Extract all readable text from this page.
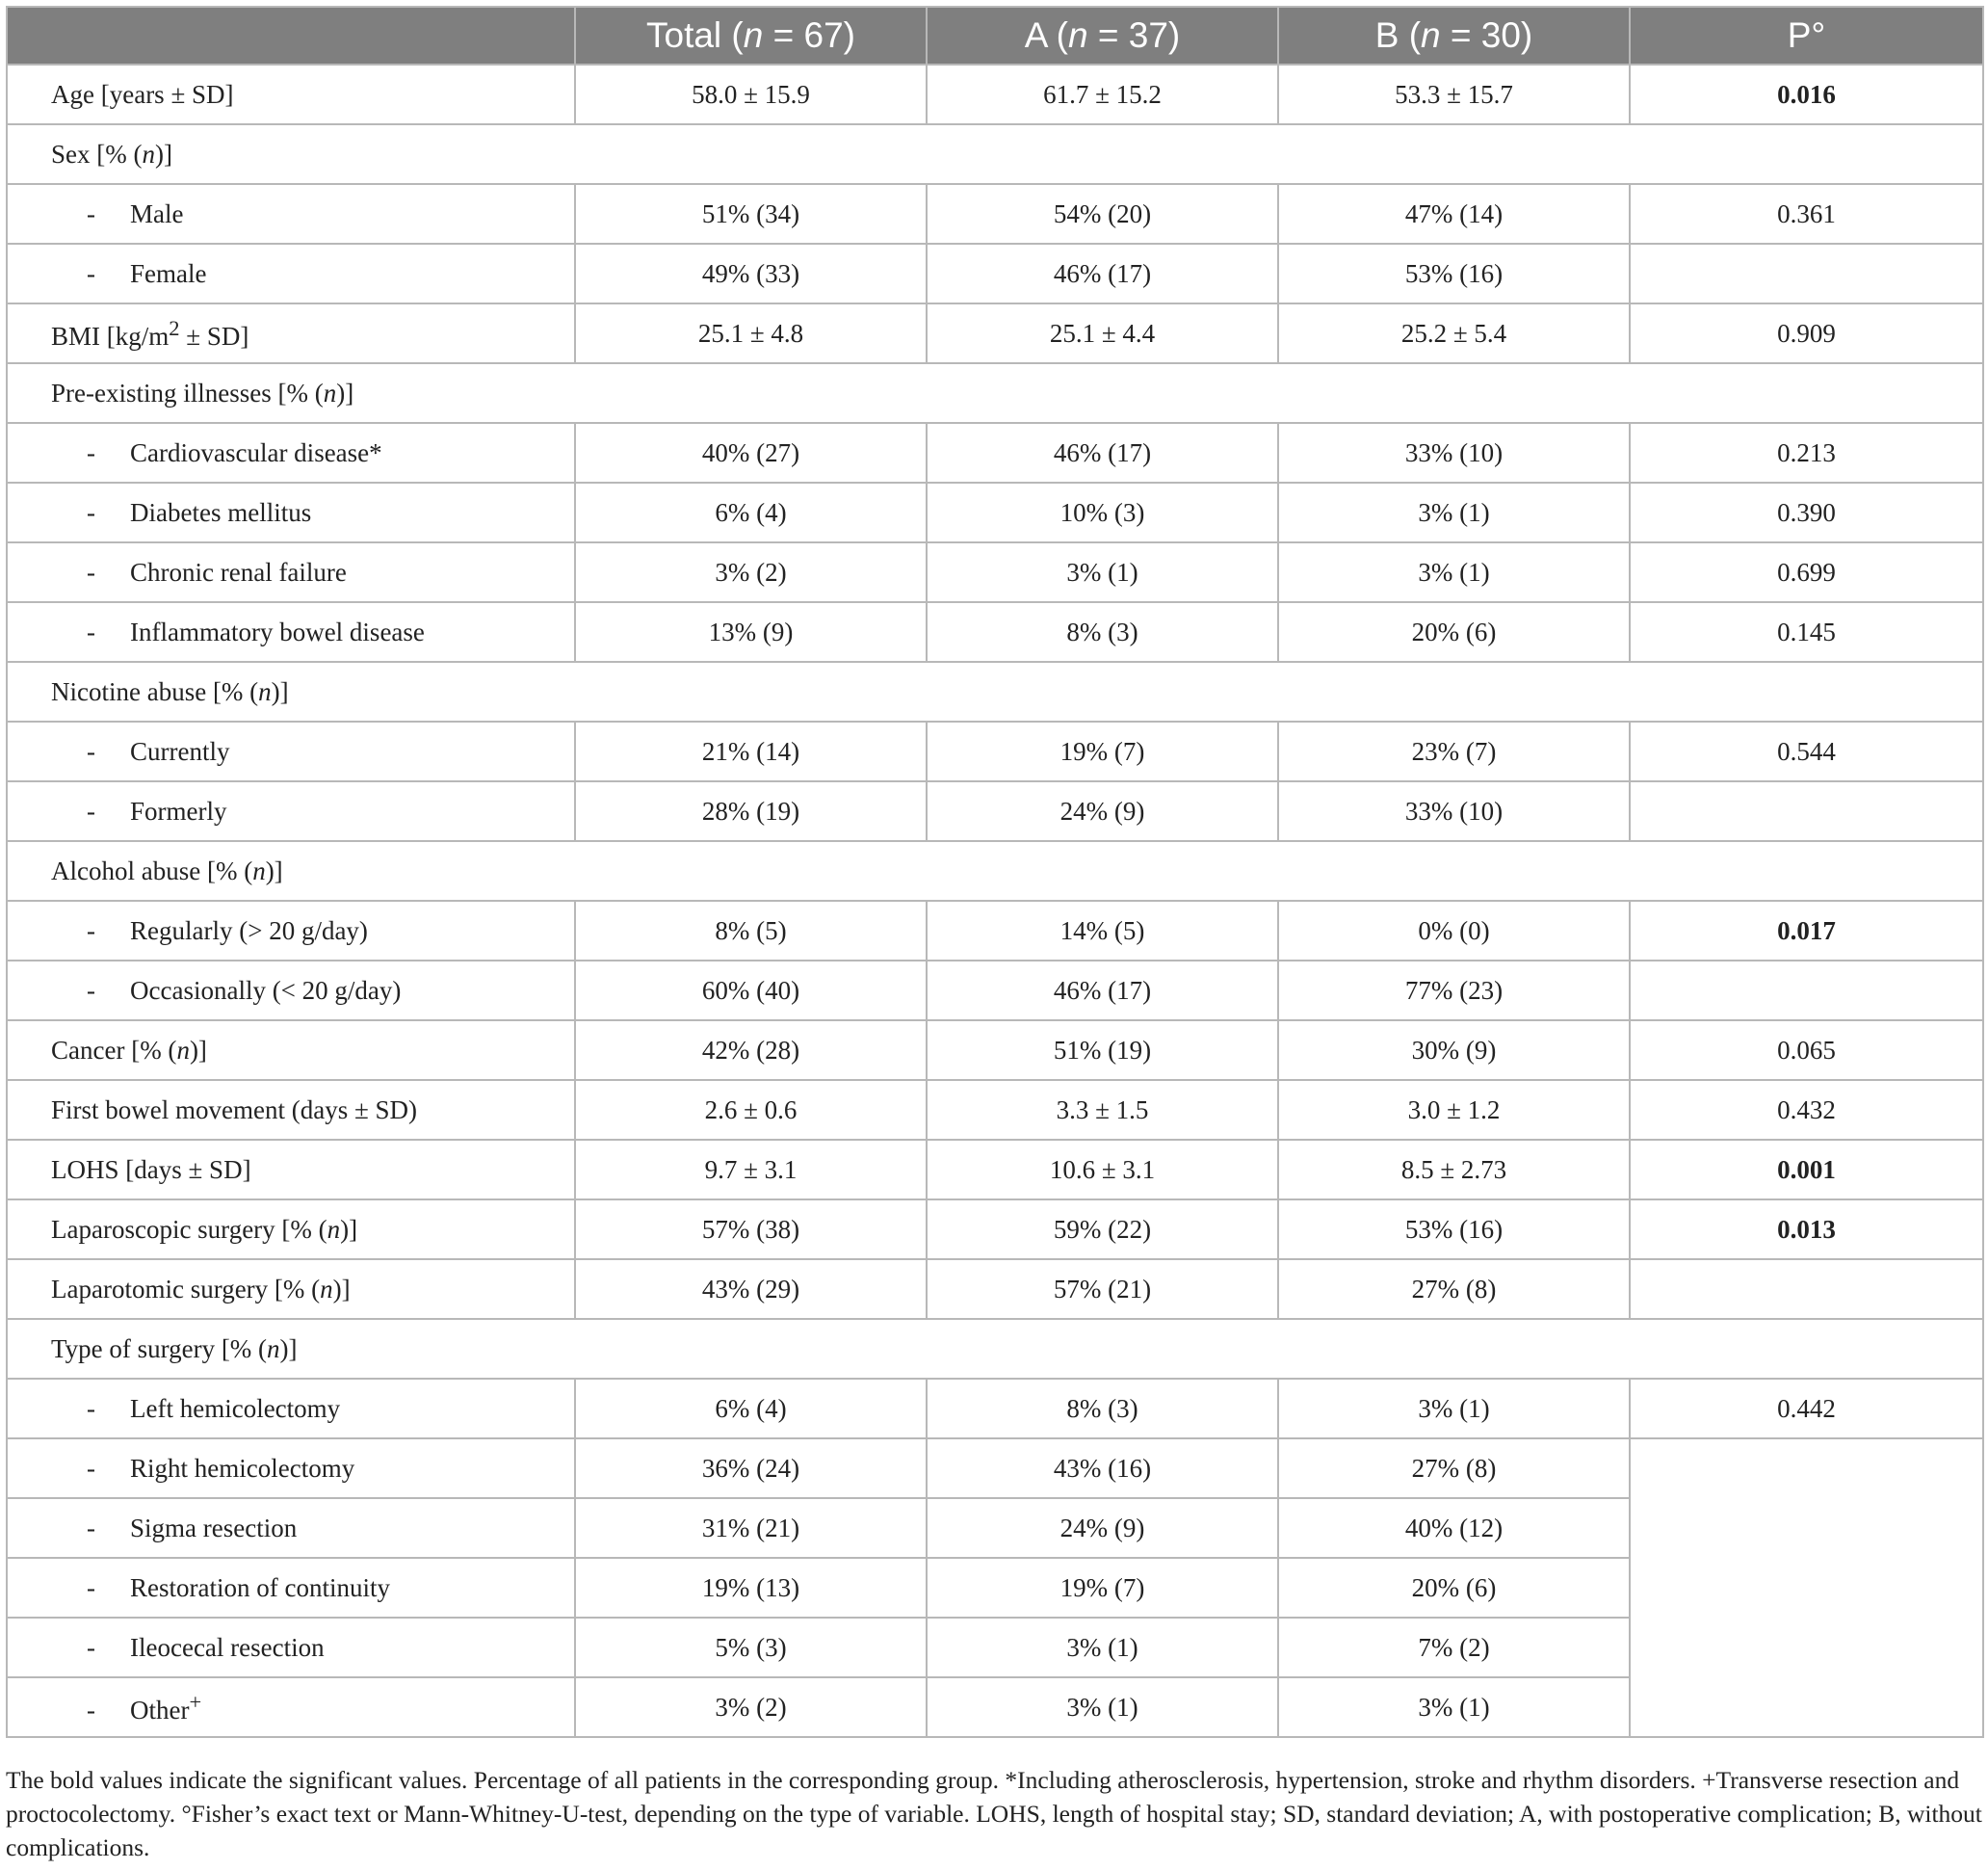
	Total (n = 67)	A (n = 37)	B (n = 30)	P°
Age [years ± SD]	58.0 ± 15.9	61.7 ± 15.2	53.3 ± 15.7	0.016
Sex [% (n)]				
- Male	51% (34)	54% (20)	47% (14)	0.361
- Female	49% (33)	46% (17)	53% (16)	
BMI $[kg/m^2 \pm SD]$	25.1 ± 4.8	25.1 ± 4.4	25.2 ± 5.4	0.909
Pre-existing illnesses [% (n)]				
- Cardiovascular disease*	40% (27)	46% (17)	33% (10)	0.213
- Diabetes mellitus	6% (4)	10% (3)	3% (1)	0.390
- Chronic renal failure	3% (2)	3% (1)	3% (1)	0.699
- Inflammatory bowel disease	13% (9)	8% (3)	20% (6)	0.145
Nicotine abuse [% (n)]				
- Currently	21% (14)	19% (7)	23% (7)	0.544
- Formerly	28% (19)	24% (9)	33% (10)	
Alcohol abuse [% (n)]				
- Regularly (> 20 g/day)	8% (5)	14% (5)	0% (0)	0.017
- Occasionally (< 20 g/day)	60% (40)	46% (17)	77% (23)	
Cancer [% (n)]	42% (28)	51% (19)	30% (9)	0.065
First bowel movement (days ± SD)	2.6 ± 0.6	3.3 ± 1.5	3.0 ± 1.2	0.432
LOHS [days ± SD]	9.7 ± 3.1	10.6 ± 3.1	8.5 ± 2.73	0.001
Laparoscopic surgery [% (n)]	57% (38)	59% (22)	53% (16)	0.013
Laparotomic surgery [% (n)]	43% (29)	57% (21)	27% (8)	
Type of surgery [% (n)]				
- Left hemicolectomy	6% (4)	8% (3)	3% (1)	0.442
- Right hemicolectomy	36% (24)	43% (16)	27% (8)	
- Sigma resection	31% (21)	24% (9)	40% (12)	
- Restoration of continuity	19% (13)	19% (7)	20% (6)	
- Ileocecal resection	5% (3)	3% (1)	7% (2)	
- Other+	3% (2)	3% (1)	3% (1)	
The bold values indicate the significant values. Percentage of all patients in the corresponding group. *Including atherosclerosis, hypertension, stroke and rhythm disorders. +Transverse resection and proctocolectomy. °Fisher’s exact text or Mann-Whitney-U-test, depending on the type of variable. LOHS, length of hospital stay; SD, standard deviation; A, with postoperative complication; B, without complications.
